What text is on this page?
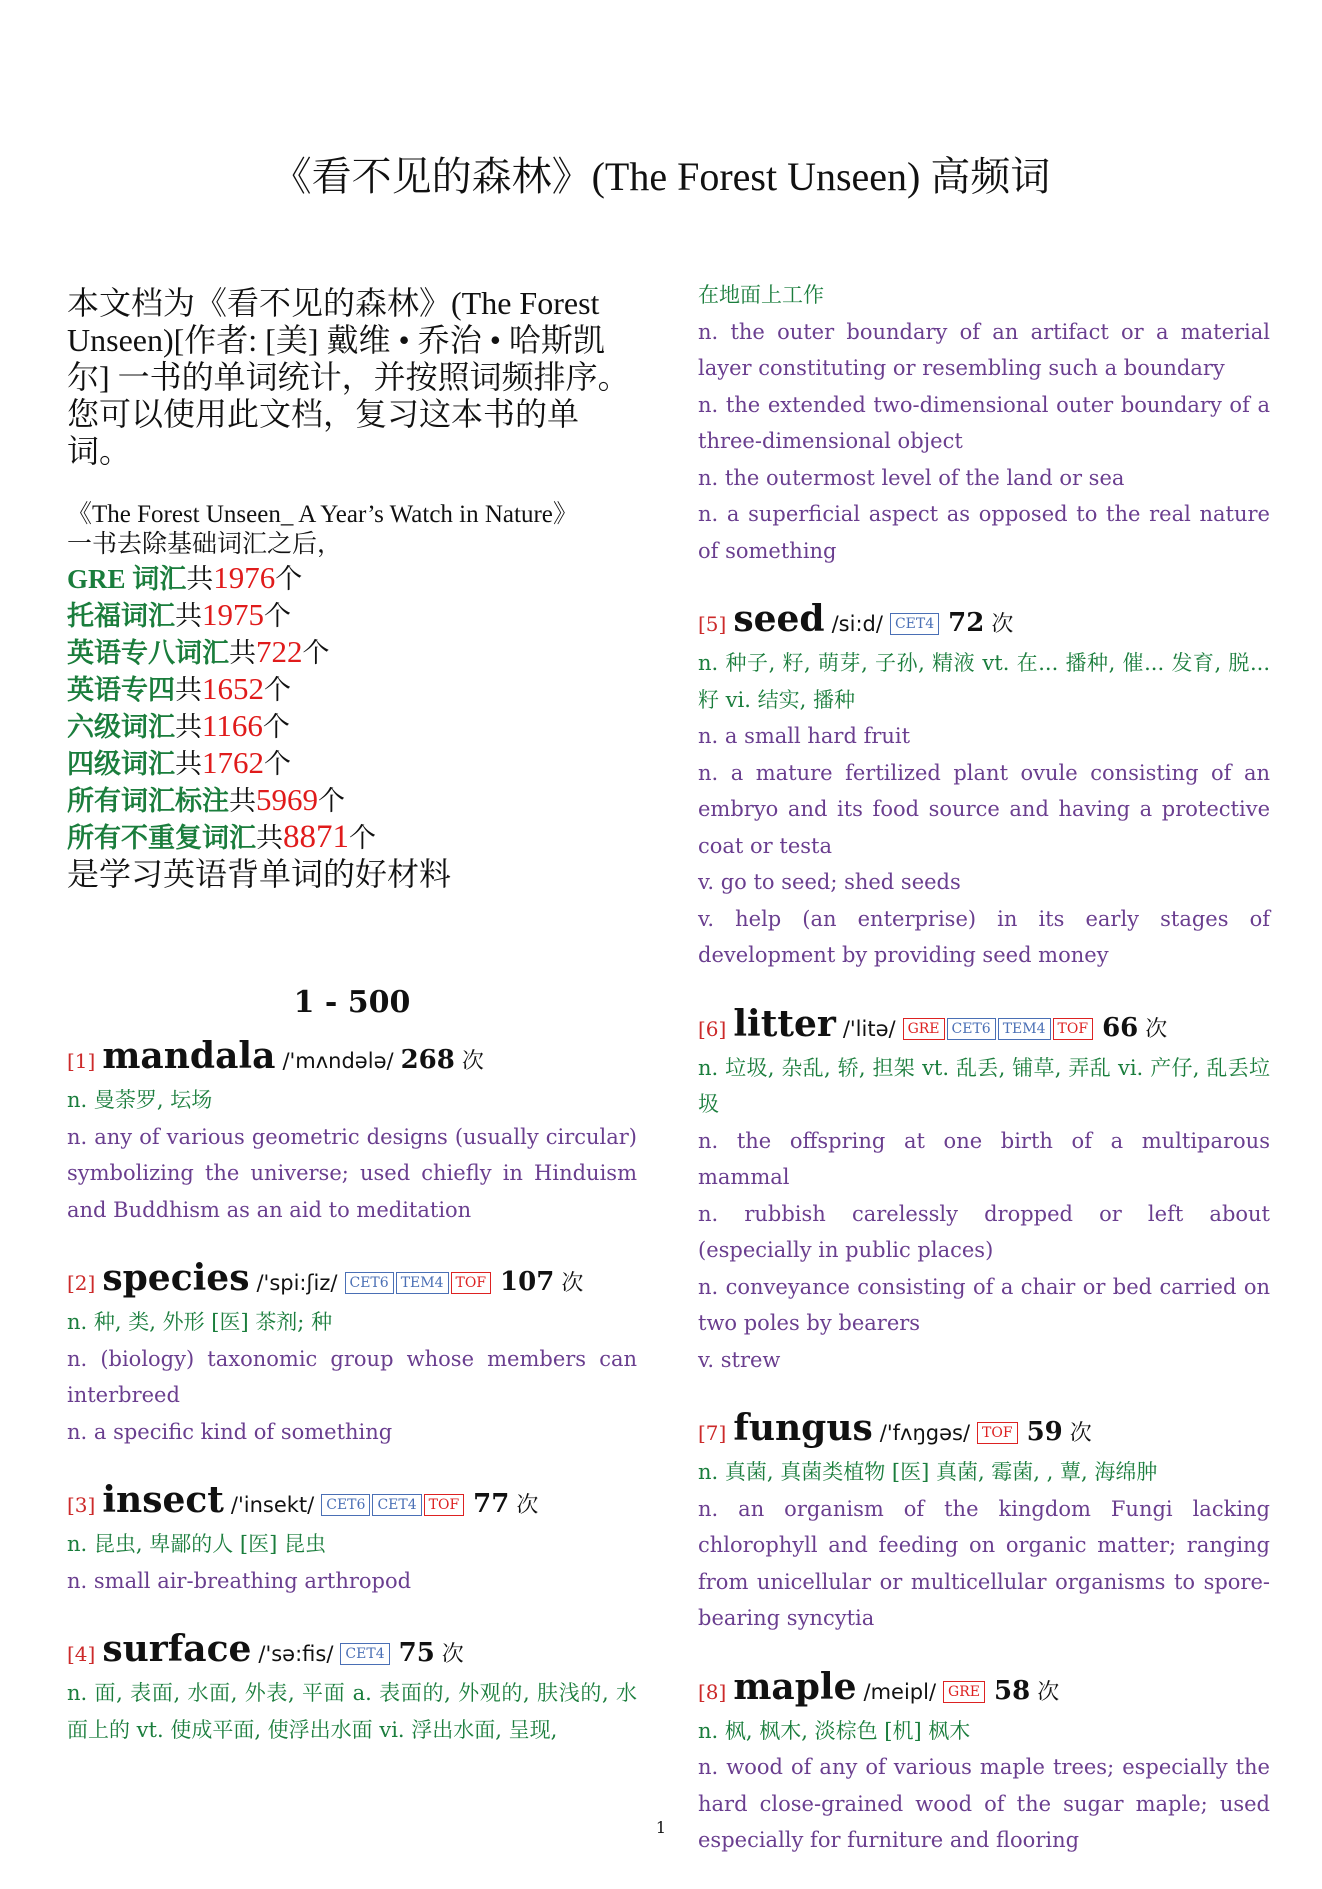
《看不见的森林》(The Forest Unseen) 高频词
本文档为《看不见的森林》(The Forest Unseen)[作者: [美] 戴维 • 乔治 • 哈斯凯尔] 一书的单词统计，并按照词频排序。
您可以使用此文档，复习这本书的单词。
《The Forest Unseen_ A Year’s Watch in Nature》
一书去除基础词汇之后，
GRE 词汇共1976个
托福词汇共1975个
英语专八词汇共722个
英语专四共1652个
六级词汇共1166个
四级词汇共1762个
所有词汇标注共5969个
所有不重复词汇共8871个
是学习英语背单词的好材料
1 - 500
[1] mandala /'mʌndələ/ 268 次
n. 曼荼罗, 坛场
n. any of various geometric designs (usually circular) symbolizing the universe; used chiefly in Hinduism and Buddhism as an aid to meditation
[2] species /'spi:ʃiz/ CET6 TEM4 TOF 107 次
n. 种, 类, 外形 [医] 茶剂; 种
n. (biology) taxonomic group whose members can interbreed
n. a specific kind of something
[3] insect /'insekt/ CET6 CET4 TOF 77 次
n. 昆虫, 卑鄙的人 [医] 昆虫
n. small air-breathing arthropod
[4] surface /'sə:fis/ CET4 75 次
n. 面, 表面, 水面, 外表, 平面 a. 表面的, 外观的, 肤浅的, 水面上的 vt. 使成平面, 使浮出水面 vi. 浮出水面, 呈现,
在地面上工作
n. the outer boundary of an artifact or a material layer constituting or resembling such a boundary
n. the extended two-dimensional outer boundary of a three-dimensional object
n. the outermost level of the land or sea
n. a superficial aspect as opposed to the real nature of something
[5] seed /si:d/ CET4 72 次
n. 种子, 籽, 萌芽, 子孙, 精液 vt. 在... 播种, 催... 发育, 脱... 籽 vi. 结实, 播种
n. a small hard fruit
n. a mature fertilized plant ovule consisting of an embryo and its food source and having a protective coat or testa
v. go to seed; shed seeds
v. help (an enterprise) in its early stages of development by providing seed money
[6] litter /'litə/ GRE CET6 TEM4 TOF 66 次
n. 垃圾, 杂乱, 轿, 担架 vt. 乱丢, 铺草, 弄乱 vi. 产仔, 乱丢垃圾
n. the offspring at one birth of a multiparous mammal
n. rubbish carelessly dropped or left about (especially in public places)
n. conveyance consisting of a chair or bed carried on two poles by bearers
v. strew
[7] fungus /'fʌŋgəs/ TOF 59 次
n. 真菌, 真菌类植物 [医] 真菌, 霉菌, , 蕈, 海绵肿
n. an organism of the kingdom Fungi lacking chlorophyll and feeding on organic matter; ranging from unicellular or multicellular organisms to spore-bearing syncytia
[8] maple /meipl/ GRE 58 次
n. 枫, 枫木, 淡棕色 [机] 枫木
n. wood of any of various maple trees; especially the hard close-grained wood of the sugar maple; used especially for furniture and flooring
1
